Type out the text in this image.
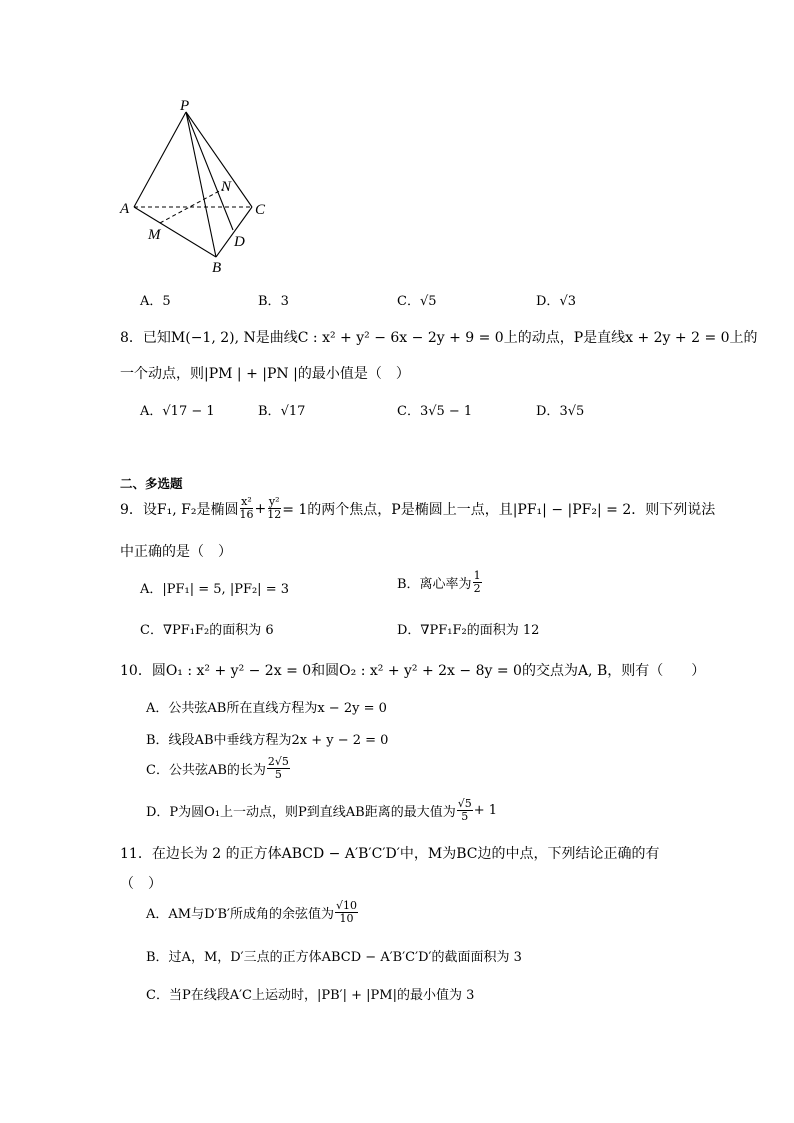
P
A	C
N
M	D
B
A．5	B．3	C．√5	D．√3
8．已知M(−1, 2), N是曲线C : x² + y² − 6x − 2y + 9 = 0上的动点，P是直线x + 2y + 2 = 0上的
一个动点，则|PM | + |PN |的最小值是（　）
A．√17 − 1	B．√17	C．3√5 − 1	D．3√5
二、多选题
9．设F₁, F₂是椭圆 $\frac{\text{x²}}{16} + \frac{\text{y²}}{12} = 1$的两个焦点，P是椭圆上一点，且|PF₁| − |PF₂| = 2．则下列说法
中正确的是（　）
A．|PF₁| = 5, |PF₂| = 3	B．离心率为 $\frac{1}{2}$
C．∇PF₁F₂的面积为 6	D．∇PF₁F₂的面积为 12
10．圆O₁ : x² + y² − 2x = 0和圆O₂ : x² + y² + 2x − 8y = 0的交点为A, B，则有（　　）
A．公共弦AB所在直线方程为x − 2y = 0
B．线段AB中垂线方程为2x + y − 2 = 0
C．公共弦AB的长为 $\frac{2√5}{5}$
D．P为圆O₁上一动点，则P到直线AB距离的最大值为 $\frac{√5}{5} + 1$
11．在边长为 2 的正方体ABCD − A′B′C′D′中，M为BC边的中点，下列结论正确的有
（　）
A．AM与D′B′所成角的余弦值为 $\frac{√10}{10}$
B．过A，M，D′三点的正方体ABCD − A′B′C′D′的截面面积为 3
C．当P在线段A′C上运动时，|PB′| + |PM|的最小值为 3
